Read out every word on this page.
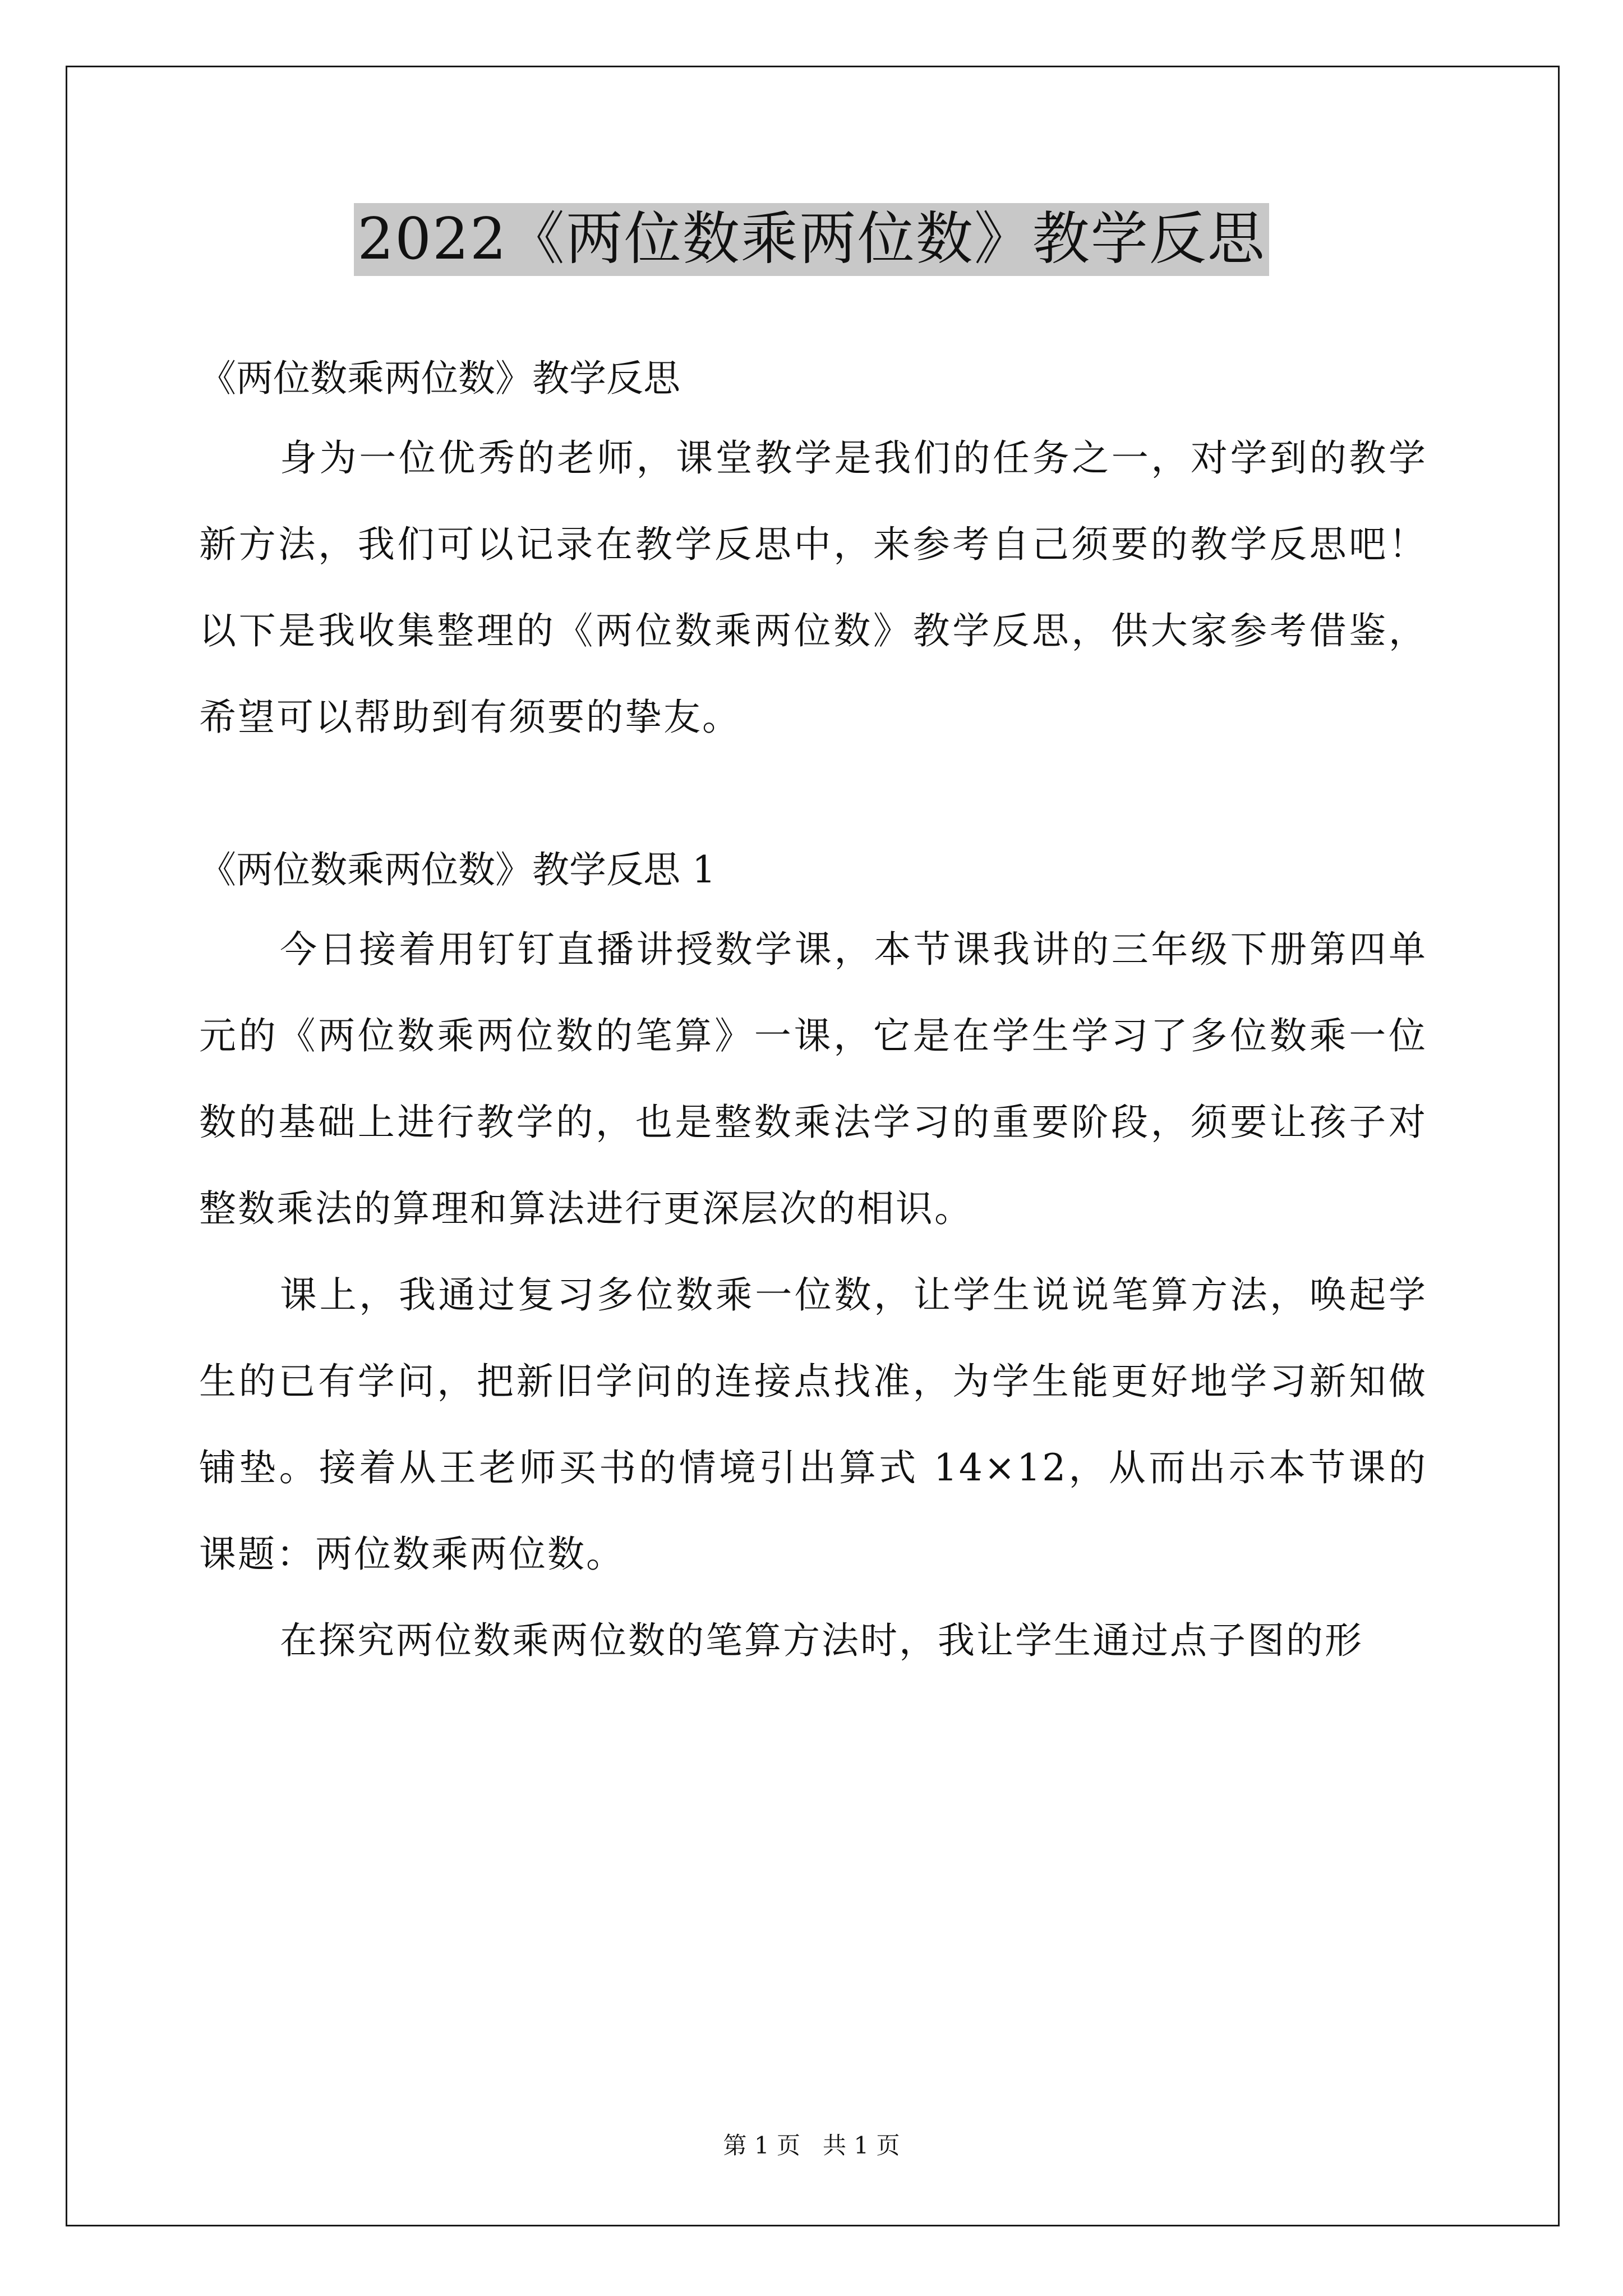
2022《两位数乘两位数》教学反思

《两位数乘两位数》教学反思

身为一位优秀的老师，课堂教学是我们的任务之一，对学到的教学新方法，我们可以记录在教学反思中，来参考自己须要的教学反思吧！以下是我收集整理的《两位数乘两位数》教学反思，供大家参考借鉴，希望可以帮助到有须要的挚友。

《两位数乘两位数》教学反思 1

今日接着用钉钉直播讲授数学课，本节课我讲的三年级下册第四单元的《两位数乘两位数的笔算》一课，它是在学生学习了多位数乘一位数的基础上进行教学的，也是整数乘法学习的重要阶段，须要让孩子对整数乘法的算理和算法进行更深层次的相识。

课上，我通过复习多位数乘一位数，让学生说说笔算方法，唤起学生的已有学问，把新旧学问的连接点找准，为学生能更好地学习新知做铺垫。接着从王老师买书的情境引出算式 14×12，从而出示本节课的课题：两位数乘两位数。

在探究两位数乘两位数的笔算方法时，我让学生通过点子图的形

第 1 页   共 1 页
